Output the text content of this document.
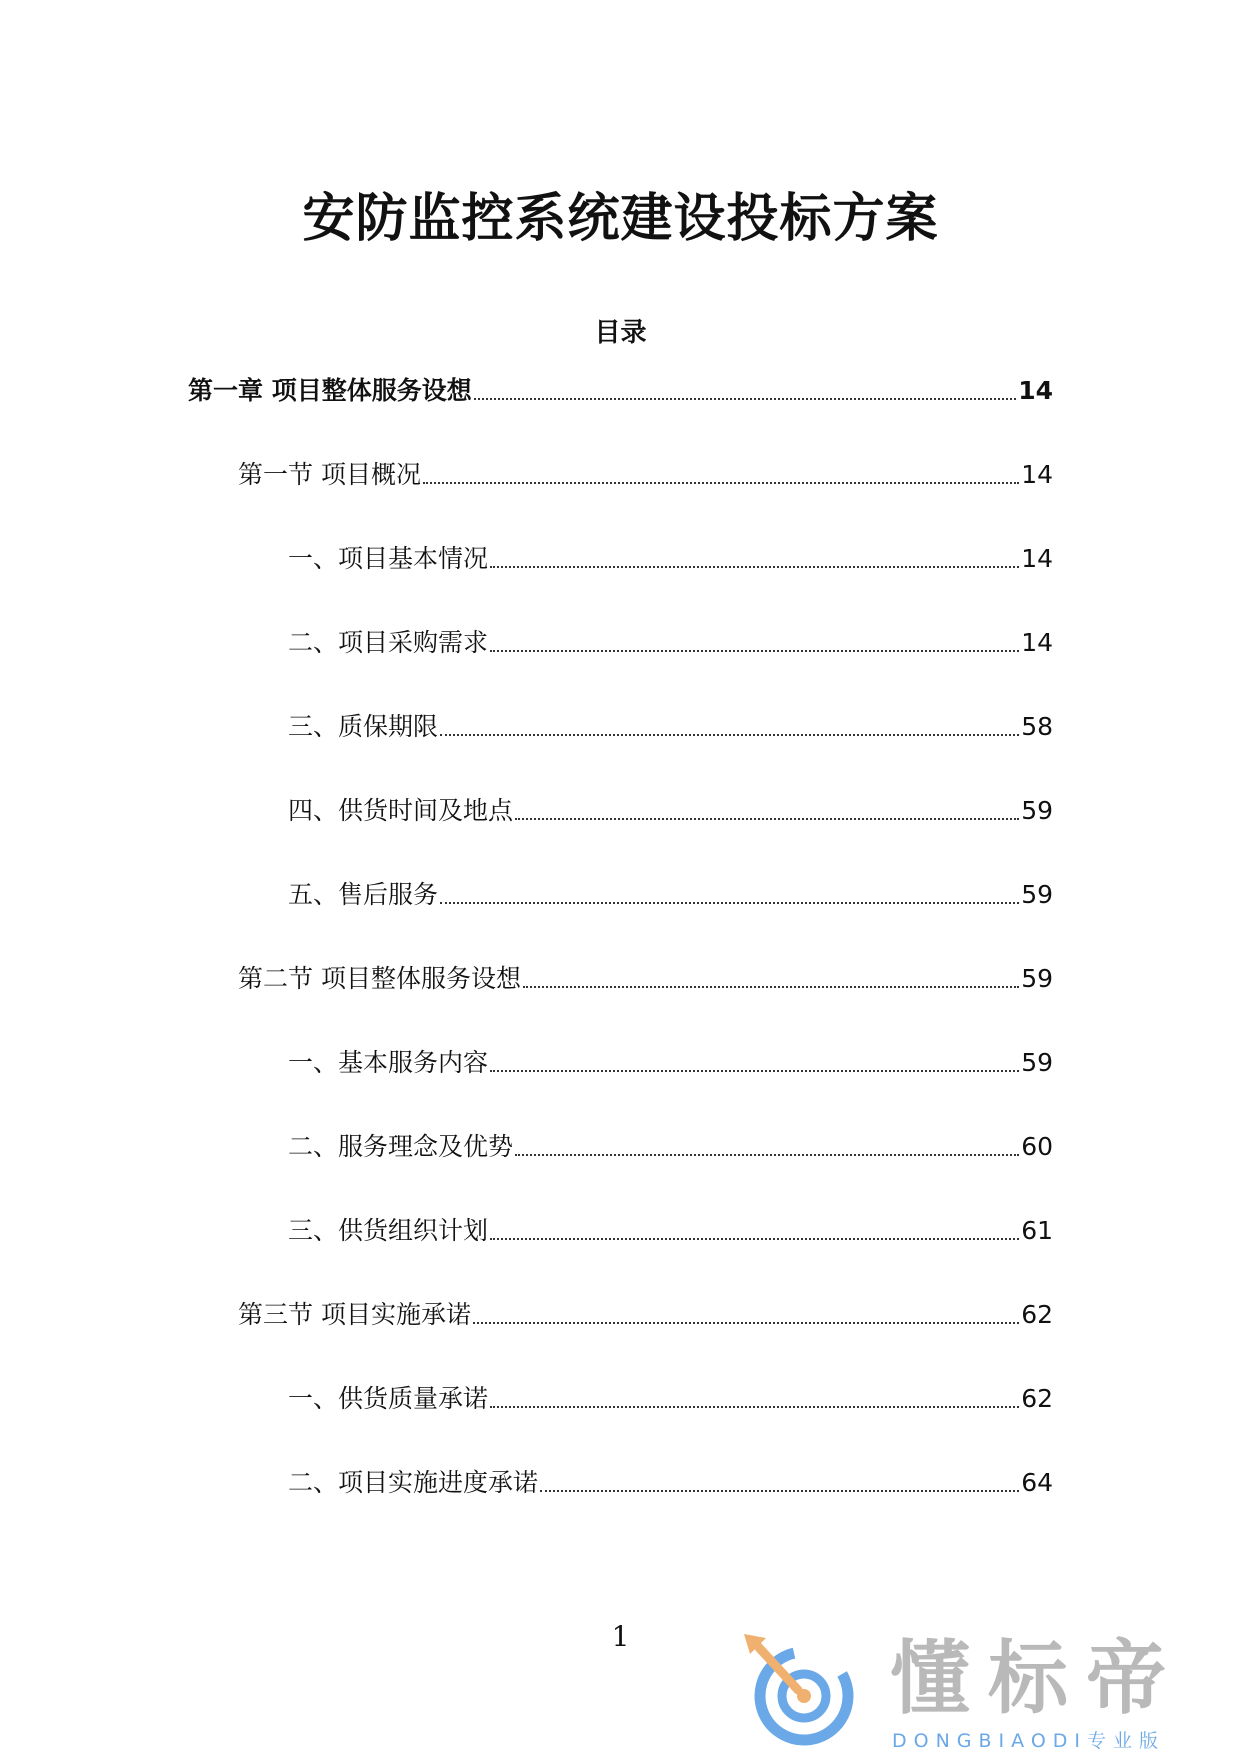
安防监控系统建设投标方案
目录
第一章 项目整体服务设想	14
第一节 项目概况	14
一、项目基本情况	14
二、项目采购需求	14
三、质保期限	58
四、供货时间及地点	59
五、售后服务	59
第二节 项目整体服务设想	59
一、基本服务内容	59
二、服务理念及优势	60
三、供货组织计划	61
第三节 项目实施承诺	62
一、供货质量承诺	62
二、项目实施进度承诺	64
1	懂标帝
DONGBIAODI专业版
